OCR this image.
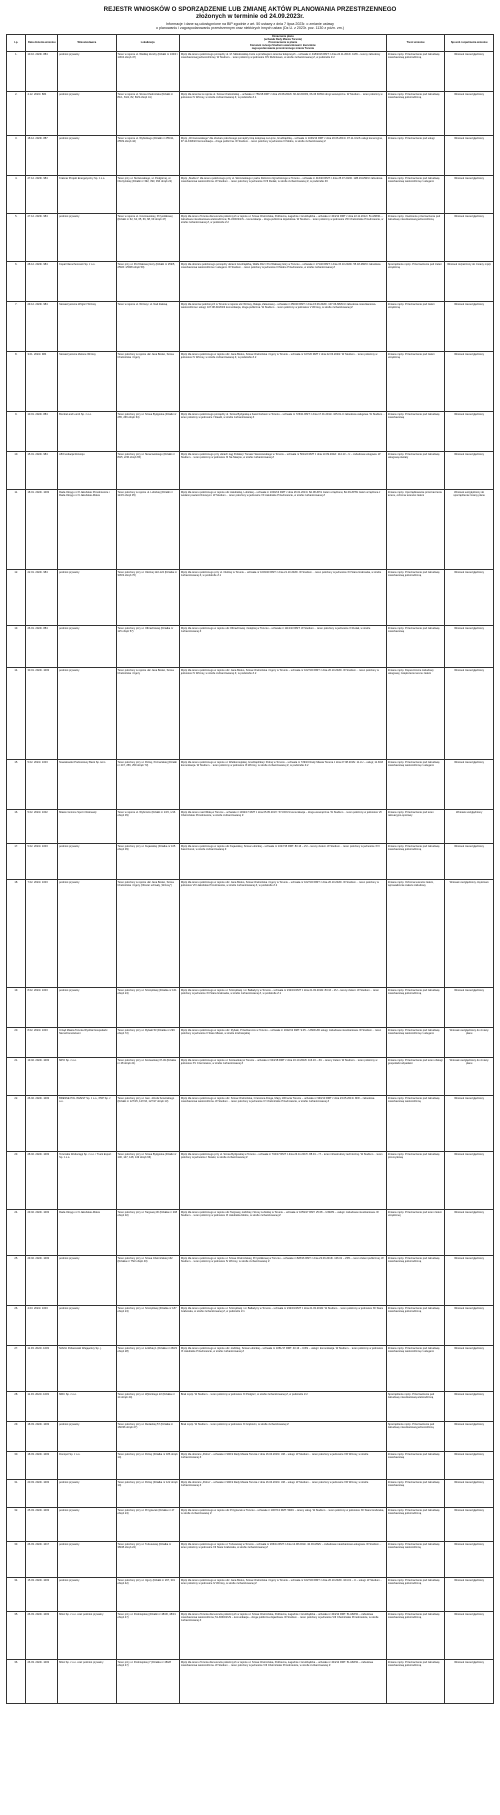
REJESTR WNIOSKÓW O SPORZĄDZENIE LUB ZMIANĘ AKTÓW PLANOWANIA PRZESTRZENNEGO
złożonych w terminie od 24.09.2023r.
Informacje i dane są udostępnione na BIP zgodnie z art. 50 ustawy z dnia 7 lipca 2023r. o zmianie ustawy
o planowaniu i zagospodarowaniu przestrzennym oraz niektórych innych ustaw (Dz.U. z 2023r. poz. 1130 z późn. zm.)
Lp.	Data złożenia wniosku	Wnioskodawca	Lokalizacja	Oznaczenie planu
(uchwała Rady Miasta Torunia)
Przeznaczenie w planie
Kierunek rozwoju Studium uwarunkowań i kierunków
zagospodarowania przestrzennego miasta Torunia	Treść wniosku	Sposób rozpatrzenia wniosku
1.	10.10. 2023r. 884	podmiot prywatny	Teren w rejonie ul. Wielkiej Zemby (Działki nr 130/3 i 130/4 obręb 47)	Mpzp dla terenu położonego pomiędzy ul. M. Skłodowskiej-Curie a przebiegiem terenów kolejowych – uchwała nr 418/2016 RMT z dnia 24.11.2016r. 1MN – tereny zabudowy mieszkaniowej jednorodzinnej. W Studium… teren położony w jednostce XIV Rubinkowo, w strefie zurbanizowanej Z, w podstrefie Z.2	Zmiana mpzp. Przeznaczenie pod zabudowę mieszkaniową jednorodzinną	Wniosek nieuwzględniony
2.	4.12. 2023r. 884	podmiot prywatny	Teren w rejonie ul. Szosa Chełmińska (Działki nr 81/1, 81/2, 82, 83/3 obręb 41)	Mpzp dla terenów w rejonie ul. Szosa Chełmińskiej – uchwała nr 756/18 RMT z dnia 23.08.2018r. 66-02-KDW3, 66-36 KDW4 drogi wewnętrzne. W Studium… teren położony w jednostce IV Wrzosy, w strefie zurbanizowanej Z, w podstrefie Z.1	Zmiana mpzp. Przeznaczenie pod zabudowę mieszkaniową jednorodzinną	Wniosek nieuwzględniony
3.	18.12. 2023r. 887	podmiot prywatny	Teren w rejonie ul. Wybickiego (Działki nr 255/11, 255/9 obręb 44)	Mpzp „Chrzanowskiego” dla obszaru położonego pomiędzy linią kolejową na Lipno, Grudziądzką – uchwała nr 1046/13 RMT z dnia 20.06.2013r. 97.11-UG/S usługi komercyjne, 97.11-KDZ/2/3 komunikacja – droga publiczna. W Studium… teren położony w jednostce III Mokre, w strefie zurbanizowanej Z	Zmiana mpzp. Przeznaczenie pod usługi	Wniosek nieuwzględniony
4.	27.12. 2023r. 984	Kraśnar Projekt Energetyczny Sp. z o.o.	Teren przy ul. Skrzetuskiego, ul. Podgórnej, ul. Olsztyńskiej (Działki nr 392, 393, 394 obręb 22)	Mpzp „Studium” dla terenu położonego przy ul. Skrzetuskiego i parku Rolniczo-Ogrodniczego w Toruniu – uchwała nr 416/20 RMT z dnia 25.07.2020r. 12B.19-MW/U zabudowa mieszkaniowa wielorodzinna. W Studium… teren położony w jednostce XVII Rudak, w strefie zurbanizowanej Z, w podstrefie Z3	Zmiana mpzp. Przeznaczenie pod zabudowę mieszkaniową wielorodzinną z usługami	Wniosek nieuwzględniony
5.	27.12. 2023r. 984	podmiot prywatny	Teren w rejonie ul. Czerniewskiej, Przysiółkowej (Działki nr 62, 64, 65, 66, 68, 69 obręb 47)	Mpzp dla terenu Torunia dla terenów położonych w rejonie ul. Szosa Chełmińska, Polrkierna, Łagodnie i Grudziądzka – uchwała nr 404/12 RMT z dnia 22.11.2012r. 51-MM/31 – zabudowa mieszkaniowa wielorodzinna; 51-KDD/3/1/S – komunikacja – droga publiczna dojazdowa. W Studium… teren położony w jednostce VIII Chełmińskie Przedmieście, w strefie zurbanizowanej Z, w podstrefie Z.2	Zmiana mpzp. Uwolnienie przeznaczenia pod zabudowę mieszkaniową jednorodzinną	Wniosek nieuwzględniony
6.	28.12. 2023r. 984	Kopal Nieruchomości Sp. z o.o.	Teren przy ul. Prof Dałowej Góry (Działki nr 259/5, 259/6 i 259/8 obręb 59)	Mpzp dla obszaru położonego pomiędzy ulicami Grudziądzką, Walfe Róż i Prof Dałowej Góry w Toruniu – uchwała nr 171/20 RMT z dnia 15.10.2020r. 55.18-MW/U zabudowa mieszkaniowa wielorodzinna z usługami. W Studium… teren położony w jednostce III Mokre Przedmieście, w strefie zurbanizowanej Z	Sporządzenie mpzp. Przeznaczenie pod zieleń urządzoną	Wniosek rozpatrzony do zmiany mpzp
7.	29.12. 2023r. 984	Stowarzyszenie Wzgórz Wrzosy	Teren w rejonie ul. Wrzosy i ul. Nad Zalewą	Mpzp dla terenów położonych w Toruniu w rejonie ulic Wrzosy, Rataja, Zalewowej – uchwała nr 456/20 RMT z dnia 15.06.2020r. 107.06-MMV/U zabudowa mieszkaniowo-wielorodzinna i usługi; 107.08-KDZ/2/3 komunikacja, droga publiczna. W Studium… teren położony w jednostce V Wrzosy, w strefie zurbanizowanej Z	Zmiana mpzp. Przeznaczenie pod zieleń urządzoną	Wniosek nieuwzględniony
8.	3.01. 2024r. 984	Stowarzyszenie Zielone Wrzosy	Teren położony w rejonie ulic Jana Bosko, Szosa Chełmińska i Ugory	Mpzp dla terenu położonego w rejonie ulic: Jana Bosko, Szosa Chełmińska i Ugory w Toruniu – uchwała nr 107/20 RMT z dnia 22.03.2020r. W Studium… teren położony w jednostce IV Wrzosy, w strefie zurbanizowanej Z, w podstrefie Z.2	Zmiana mpzp. Przeznaczenie pod zieleń urządzoną	Wniosek nieuwzględniony
9.	10.01. 2024r. 884	Bombel and Lumb Sp. z o.o.	Teren położony przy ul. Szosa Bydgoska (Działki nr 265, 266 obręb 64)	Mpzp dla terenu położonego pomiędzy ul. Szosa Bydgoską a Kaszczorkiem w Toruniu – uchwała nr 726/11 RMT z dnia 17.01.2011r. 105.01-U zabudowa usługowa. W Studium… teren położony w jednostce I Stawki, w strefie zurbanizowanej Z	Zmiana mpzp. Przeznaczenie pod zabudowę mieszkaniową	Wniosek nieuwzględniony
10.	15.01. 2024r. 984	AB Fundacja Rozwoju	Teren położony przy ul. Siewcowskiego (Działki nr 84/5, 2/36 obręb 65)	Mpzp dla terenu położonego przy ulicach Łąg Polskiej i Tomasz Siewcowskiego w Toruniu – uchwała nr 501/22 RMT z dnia 13.09.2022r. 114.13 – U – zabudowa usługowa. W Studium… teren położony w jednostce XI Na Skarpie, w strefie zurbanizowanej Z	Zmiana mpzp. Przeznaczenie pod zabudowę usługową oświaty	Wniosek nieuwzględniony
11.	18.01. 2024r. 1003	Rada Okręgu nr 8 Jakubskie Przedmieście i Rada Okręgu nr 9 Jakubskie-Mokre	Teren położony w rejonie ul. Lubickiej (Działki nr 11/15 obręb 35)	Mpzp dla terenu położonego w rejonie ulic Jakubskiej, Lubickiej – uchwała nr 1000/13 RMT z dnia 26.01.2013r. 8A.08-ZP/1 zieleń urządzona; 8A.09-ZP/W zieleń urządzona z wodami powierzchniowymi. W Studium… teren położony w jednostce VII Jakubskie Przedmieście, w strefie zurbanizowanej Z	Zmiana mpzp. Uporządkowanie przeznaczenia terenu, ochrona terenów zieleni	Wniosek uwzględniony do sporządzenia zmiany planu
12.	22.01. 2024r. 984	podmiot prywatny	Teren położony przy ul. Okólnej 122-124 (Działka nr 345/3 obręb 76)	Mpzp dla terenu położonego przy ul. Okólnej w Toruniu – uchwała nr 1003/20 RMT z dnia 21.10.2020r. W Studium… teren położony w jednostce XII Stara Grabowka, w strefie zurbanizowanej Z, w podstrefie Z.1	Zmiana mpzp. Przeznaczenie pod zabudowę mieszkaniową jednorodzinną	Wniosek nieuwzględniony
13.	26.01. 2024r. 884	podmiot prywatny	Teren położony przy ul. Olbrachtowej (Działka nr 115 obręb 57)	Mpzp dla terenu położonego w rejonie ulic Olbrachtowej i Gołębiej w Toruniu – uchwała nr 1113/13 RMT. W Studium… teren położony w jednostce X Rudak, w strefie zurbanizowanej Z	Zmiana mpzp. Przeznaczenie pod zabudowę mieszkaniową	Wniosek nieuwzględniony
14.	30.01. 2024r. 1003	podmiot prywatny	Teren położony w rejonie ulic Jana Bosko, Szosa Chełmińska i Ugory	Mpzp dla terenu położonego w rejonie ulic: Jana Bosko, Szosa Chełmińska i Ugory w Toruniu – uchwała nr 1027/20 RMT z dnia 26.10.2020r. W Studium… teren położony w jednostce IV Wrzosy, w strefie zurbanizowanej Z, w podstrefie Z.2	Zmiana mpzp. Dopuszczenie zabudowy usługowej, zwiększenie terenu zieleni	Wniosek nieuwzględniony
15.	5.02. 2024r. 1003	Nowakowski Podmiotowy Bank Sp. kom.	Teren położony przy ul. Polnej, Poznańskiej (Działki nr 247, 256, 259 obręb 73)	Mpzp dla terenu położonego w rejonie ul. Wielkomiejskiej, Grudziądzkiej i Polnej w Toruniu – uchwała nr 729/16 Rady Miasta Torunia z dnia 27.08.2016r. 11.LU – usługi; 11.KDZ komunikacja. W Studium… teren położony w jednostce IX Wrzosy, w strefie zurbanizowanej Z, w podstrefie Z.2	Zmiana mpzp. Przeznaczenie pod zabudowę mieszkaniową wielorodzinną z usługami	Wniosek nieuwzględniony
16.	5.02. 2024r. 1002	Miasto Gminne Sport i Rekreacji	Teren w rejonie ul. Wybrzeże (Działki nr 1/15, 1/16 obręb 39)	Mpzp dla terenu nad Wisłą w Toruniu – uchwała nr 1032/17 RMT z dnia 05.05.2017r. 57-KDX/1 komunikacja – droga wewnętrzna. W Studium… teren położony w jednostce VII Chełmińskie Przedmieście, w strefie zurbanizowanej Z	Zmiana mpzp. Przeznaczenie pod teren rekreacyjno-sportowy	Wniosek uwzględniony
17.	5.02. 2024r. 1003	podmiot prywatny	Teren położony przy ul. Kujawskiej (Działka nr 105 obręb 39)	Mpzp dla terenu położonego w rejonie ulic Kujawskiej, Szosa Lubickiej – uchwała nr 1027/15 RMT. 83.16 – ZU – tereny zieleni. W Studium… teren położony w jednostce XVI Kaszczorek, w strefie zurbanizowanej Z	Zmiana mpzp. Przeznaczenie pod zabudowę mieszkaniową jednorodzinną	Wniosek nieuwzględniony
18.	7.02. 2024r. 1003	podmiot prywatny	Teren położony w rejonie ulic Jana Bosko, Szosa Chełmińska i Ugory (Obszar uchwały „Wrzosy”)	Mpzp dla terenu położonego w rejonie ulic: Jana Bosko, Szosa Chełmińska i Ugory w Toruniu – uchwała nr 1027/20 RMT z dnia 26.10.2020r. W Studium… teren położony w jednostce VIII Jakubskie Przedmieście, w strefie zurbanizowanej Z, w podstrefie Z.2	Zmiana mpzp. Ochrona terenów zieleni, wprowadzenie zakazu zabudowy	Wniosek uwzględniony częściowo
19.	8.02. 2024r. 1003	podmiot prywatny	Teren położony przy ul. Szczęśliwej (Działka nr 161 obręb 24)	Mpzp dla terenu położonego w rejonie ul. Szczęśliwej i ul. Balladyny w Toruniu – uchwała nr 232/19 RMT z dnia 21.03.2019r. 83.16 – ZU – tereny zieleni. W Studium… teren położony w jednostce XII Stara Grabowka, w strefie zurbanizowanej Z, w podstrefie Z.1	Zmiana mpzp. Przeznaczenie pod zabudowę mieszkaniową jednorodzinną	Wniosek nieuwzględniony
20.	8.02. 2024r. 1003	Urząd Miasta Torunia Wydział Gospodarki Nieruchomościami	Teren położony przy ul. Rybaki 53 (Działka nr 299 obręb 72)	Mpzp dla terenu położonego w rejonie ulic: Rybaki, Przedzamcze w Toruniu – uchwała nr 1022/13 RMT. 9.05 – U/MW-ZD usługi, zabudowa mieszkaniowa. W Studium… teren położony w jednostce II Stare Miasto, w strefie śródmiejskiej	Zmiana mpzp. Przeznaczenie pod zabudowę mieszkaniową wielorodzinną z usługami	Wniosek uwzględniony do zmiany planu
21.	19.02. 2024r. 1003	MPO Sp. z o.o.	Teren położony przy ul. Kociewskiej 37-49 (Działka nr 28 obręb 21)	Mpzp dla terenu położonego w rejonie ul. Kociewskiej w Toruniu – uchwała nr 643/18 RMT z dnia 16.10.2018r. 116.16 – ZU – tereny zieleni. W Studium… teren położony w jednostce XV Czerniewice, w strefie zurbanizowanej Z	Zmiana mpzp. Przeznaczenie pod teren obsługi gospodarki odpadami	Wniosek uwzględniony do zmiany planu
22.	26.02. 2024r. 1003	BRESSE POL INVEST Sp. z o.o., PNP Sp. z o.o.	Teren położony przy ul. Gen. Józefa Sowińskiego (Działki nr 127/15, 127/16, 127/17 obręb 13)	Mpzp dla terenu położonego w rejonie ulic: Szosa Chełmińska, Czerwona Droga, Mapy 100 lecia Toruniu – uchwała nr 930/13 RMT z dnia 23.05.2013r. MW – zabudowa mieszkaniowa wielorodzinna. W Studium… teren położony w jednostce IV Chełmińskie Przedmieście, w strefie zurbanizowanej Z	Zmiana mpzp. Przeznaczenie pod zabudowę mieszkaniową wielorodzinną	Wniosek nieuwzględniony
23.	28.02. 2024r. 1003	Toruńskie Wodociągi Sp. z o.o. i Truck Export Sp. z o.o.	Teren położony przy ul. Szosa Bydgoska (Działki nr 146, 147, 148, 149 obręb 66)	Mpzp dla terenu położonego przy ul. Szosa Bydgoskiej w Toruniu – uchwała nr 704/17 RMT z dnia 23.11.2017r. 88.01 – IT – teren infrastruktury technicznej. W Studium… teren położony w jednostce I Stawki, w strefie zurbanizowanej Z	Zmiana mpzp. Przeznaczenie pod zabudowę przemysłową	Wniosek nieuwzględniony
24.	29.02. 2024r. 1003	Rada Okręgu nr 9 Jakubskie-Mokre	Teren położony przy ul. Targowej 30 (Działka nr 208 obręb 32)	Mpzp dla terenu położonego w rejonie ulic Targowej, Łódzkiej i Szosy Lubickiej w Toruniu – uchwała nr 1059/17 RMT. 25.08 – U/MWS – usługi i zabudowa mieszkaniowa. W Studium… teren położony w jednostce IX Jakubskie-Mokre, w strefie zurbanizowanej Z	Zmiana mpzp. Przeznaczenie pod teren zieleni urządzonej	Wniosek nieuwzględniony
25.	29.02. 2024r. 1003	podmiot prywatny	Teren położony przy ul. Szosa Chełmińskiej 162 (Działka nr 75/2 obręb 40)	Mpzp dla terenu położonego w rejonie ul. Szosa Chełmińskiej, Przysiółkowej w Toruniu – uchwała nr 828/16 RMT z dnia 23.06.2016r. 106.01 – ZP/1 – teren zieleni publicznej. W Studium… teren położony w jednostce IV Wrzosy, w strefie zurbanizowanej Z	Zmiana mpzp. Przeznaczenie pod zabudowę mieszkaniową jednorodzinną	Wniosek nieuwzględniony
26.	4.03. 2024r. 1003	podmiot prywatny	Teren położony przy ul. Szczęśliwej (Działka nr 187 obręb 24)	Mpzp dla terenu położonego w rejonie ul. Szczęśliwej i ul. Balladyny w Toruniu – uchwała nr 232/19 RMT z dnia 21.03.2019r. W Studium… teren położony w jednostce XII Stara Grabowka, w strefie zurbanizowanej Z, w podstrefie Z.1	Zmiana mpzp. Przeznaczenie pod zabudowę mieszkaniową jednorodzinną	Wniosek nieuwzględniony
27.	11.03. 2024r. 1003	NAVILI Poltarowski Wiejąwnicy Sp. j.	Teren położony przy ul. Łódzkiej 1 (Działka nr 260/3 obręb 28)	Mpzp dla terenu położonego w rejonie ulic: Łódzkiej, Szosa Lubickiej – uchwała nr 1051/17 RMT. 43.13 – U/KS – usługi i komunikacja. W Studium… teren położony w jednostce IX Jakubskie Przedmieście, w strefie zurbanizowanej Z	Zmiana mpzp. Przeznaczenie pod zabudowę mieszkaniową wielorodzinną z usługami	Wniosek nieuwzględniony
28.	11.03. 2024r. 1003	MRC Sp. z o.o.	Teren położony przy ul. Wybickiego 22 (Działka nr 14 obręb 44)	Brak mpzp. W Studium… teren położony w jednostce XI Podgórz, w strefie zurbanizowanej Z, w podstrefie Z.2	Sporządzenie mpzp. Przeznaczenie pod zabudowę mieszkaniową wielorodzinną	Wniosek nieuwzględniony
29.	18.03. 2024r. 1003	podmiot prywatny	Teren położony przy ul. Rudackiej 57 (Działka nr 160/36 obręb 27)	Brak mpzp. W Studium… teren położony w jednostce XI Grębocin, w strefie zurbanizowanej Z	Sporządzenie mpzp. Przeznaczenie pod zabudowę mieszkaniową jednorodzinną	Wniosek nieuwzględniony
30.	18.03. 2024r. 1003	Domipol Sp. z o.o.	Teren położony przy ul. Polnej (Działka nr 186 obręb 14)	Mpzp dla obszaru „Polna” – uchwała nr 99/19 Rady Miasta Torunia z dnia 16.04.2019r. UM – usługi. W Studium… teren położony w jednostce XIII Wrzosy, w strefie zurbanizowanej Z	Zmiana mpzp. Przeznaczenie pod zabudowę mieszkaniową	Wniosek nieuwzględniony
31.	20.03. 2024r. 1003	podmiot prywatny	Teren położony przy ul. Polnej (Działka nr 122 obręb 14)	Mpzp dla obszaru „Polna” – uchwała nr 99/19 Rady Miasta Torunia z dnia 16.04.2019r. UM – usługi. W Studium… teren położony w jednostce XIII Wrzosy, w strefie zurbanizowanej Z	Zmiana mpzp. Przeznaczenie pod zabudowę mieszkaniową	Wniosek nieuwzględniony
32.	25.03. 2024r. 1003	podmiot prywatny	Teren położony przy ul. Przypiecek (Działka nr 47 obręb 24)	Mpzp dla terenu położonego w rejonie ulic Przypiecek w Toruniu – uchwała nr 1007/13 RMT. 54RU – tereny usług. W Studium… teren położony w jednostce XII Stara Grabowka, w strefie zurbanizowanej Z	Zmiana mpzp. Przeznaczenie pod zabudowę mieszkaniową jednorodzinną	Wniosek nieuwzględniony
33.	26.03. 2024r. 1017	podmiot prywatny	Teren położony przy ul. Turkusowej (Działka nr 38/38 obręb 24)	Mpzp dla terenu położonego w rejonie ul. Turkusowej w Toruniu – uchwała nr 206/11 RMT z dnia 12.08.2011r. 42.03-MN/U – zabudowa mieszkaniowo-usługowa. W Studium… teren położony w jednostce XII Stara Grabowka, w strefie zurbanizowanej Z	Zmiana mpzp. Przeznaczenie pod zabudowę mieszkaniową wielorodzinną	Wniosek nieuwzględniony
34.	15.03. 2024r. 1003	podmiot prywatny	Teren położony przy ul. Ugory (Działki nr 297, 301 obręb 42)	Mpzp dla terenu położonego w rejonie ulic: Jana Bosko, Szosa Chełmińska i Ugory w Toruniu – uchwała nr 1027/20 RMT z dnia 26.10.2020r. 104.01 – U – usługi. W Studium… teren położony w jednostce IV Wrzosy, w strefie zurbanizowanej Z	Zmiana mpzp. Przeznaczenie pod zabudowę mieszkaniową jednorodzinną	Wniosek nieuwzględniony
35.	26.03. 2024r. 1003	MGA Sp. z o.o. oraz podmiot prywatny	Teren przy ul. Podmiejskiej (Działki nr 48/30, 48/31 obręb 47)	Mpzp dla terenu Torunia dla terenów położonych w rejonie ul. Szosa Chełmińska, Polrkierna, Łagodnie i Grudziądzka – uchwała nr 404/12 RMT. 51-MM/31 – zabudowa mieszkaniowa wielorodzinna; 51-KDD/3/1/S – komunikacja – droga publiczna dojazdowa. W Studium… teren położony w jednostce VIII Chełmińskie Przedmieście, w strefie zurbanizowanej Z	Zmiana mpzp. Przeznaczenie pod zabudowę mieszkaniową jednorodzinną	Wniosek nieuwzględniony
36.	26.03. 2024r. 1003	MGA Sp. z o.o. oraz podmiot prywatny	Teren przy ul. Podmiejskiej 7 (Działka nr 48/28 obręb 47)	Mpzp dla terenu Torunia dla terenów położonych w rejonie ul. Szosa Chełmińska, Polrkierna, Łagodnie i Grudziądzka – uchwała nr 404/12 RMT. 51-MM/31 – zabudowa mieszkaniowa wielorodzinna. W Studium… teren położony w jednostce VIII Chełmińskie Przedmieście, w strefie zurbanizowanej Z	Zmiana mpzp. Przeznaczenie pod zabudowę mieszkaniową jednorodzinną	Wniosek nieuwzględniony
